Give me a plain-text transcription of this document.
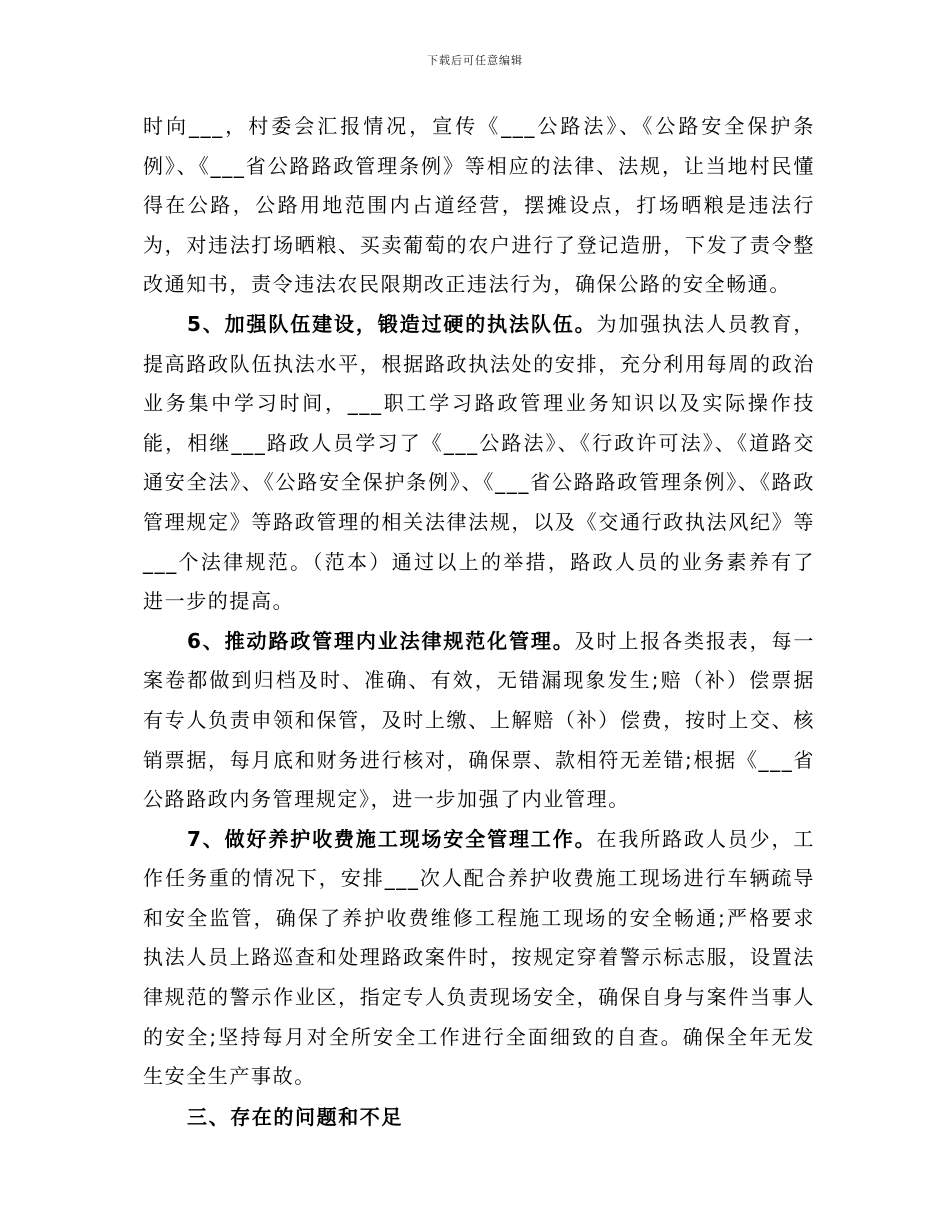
下载后可任意编辑

时向___，村委会汇报情况，宣传《___公路法》、《公路安全保护条例》、《___省公路路政管理条例》等相应的法律、法规，让当地村民懂得在公路，公路用地范围内占道经营，摆摊设点，打场晒粮是违法行为，对违法打场晒粮、买卖葡萄的农户进行了登记造册，下发了责令整改通知书，责令违法农民限期改正违法行为，确保公路的安全畅通。

5、加强队伍建设，锻造过硬的执法队伍。为加强执法人员教育，提高路政队伍执法水平，根据路政执法处的安排，充分利用每周的政治业务集中学习时间，___职工学习路政管理业务知识以及实际操作技能，相继___路政人员学习了《___公路法》、《行政许可法》、《道路交通安全法》、《公路安全保护条例》、《___省公路路政管理条例》、《路政管理规定》等路政管理的相关法律法规，以及《交通行政执法风纪》等___个法律规范。（范本）通过以上的举措，路政人员的业务素养有了进一步的提高。

6、推动路政管理内业法律规范化管理。及时上报各类报表，每一案卷都做到归档及时、准确、有效，无错漏现象发生;赔（补）偿票据有专人负责申领和保管，及时上缴、上解赔（补）偿费，按时上交、核销票据，每月底和财务进行核对，确保票、款相符无差错;根据《___省公路路政内务管理规定》，进一步加强了内业管理。

7、做好养护收费施工现场安全管理工作。在我所路政人员少，工作任务重的情况下，安排___次人配合养护收费施工现场进行车辆疏导和安全监管，确保了养护收费维修工程施工现场的安全畅通;严格要求执法人员上路巡查和处理路政案件时，按规定穿着警示标志服，设置法律规范的警示作业区，指定专人负责现场安全，确保自身与案件当事人的安全;坚持每月对全所安全工作进行全面细致的自查。确保全年无发生安全生产事故。

三、存在的问题和不足
